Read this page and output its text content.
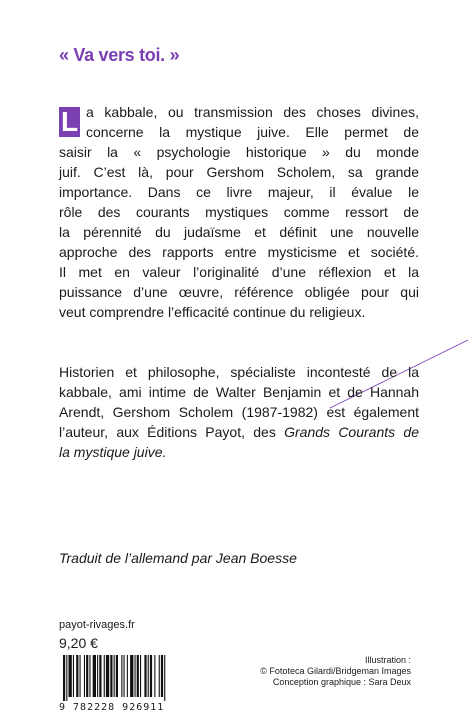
« Va vers toi. »
L a kabbale, ou transmission des choses divines,
concerne la mystique juive. Elle permet de
saisir la « psychologie historique » du monde
juif. C’est là, pour Gershom Scholem, sa grande
importance. Dans ce livre majeur, il évalue le
rôle des courants mystiques comme ressort de
la pérennité du judaïsme et définit une nouvelle
approche des rapports entre mysticisme et société.
Il met en valeur l’originalité d’une réflexion et la
puissance d’une œuvre, référence obligée pour qui
veut comprendre l’efficacité continue du religieux.
Historien et philosophe, spécialiste incontesté de la
kabbale, ami intime de Walter Benjamin et de Hannah
Arendt, Gershom Scholem (1987-1982) est également
l’auteur, aux Éditions Payot, des Grands Courants de
la mystique juive.
Traduit de l’allemand par Jean Boesse
payot-rivages.fr
9,20 €
9 782228 926911
Illustration :
© Fototeca Gilardi/Bridgeman Images
Conception graphique : Sara Deux
